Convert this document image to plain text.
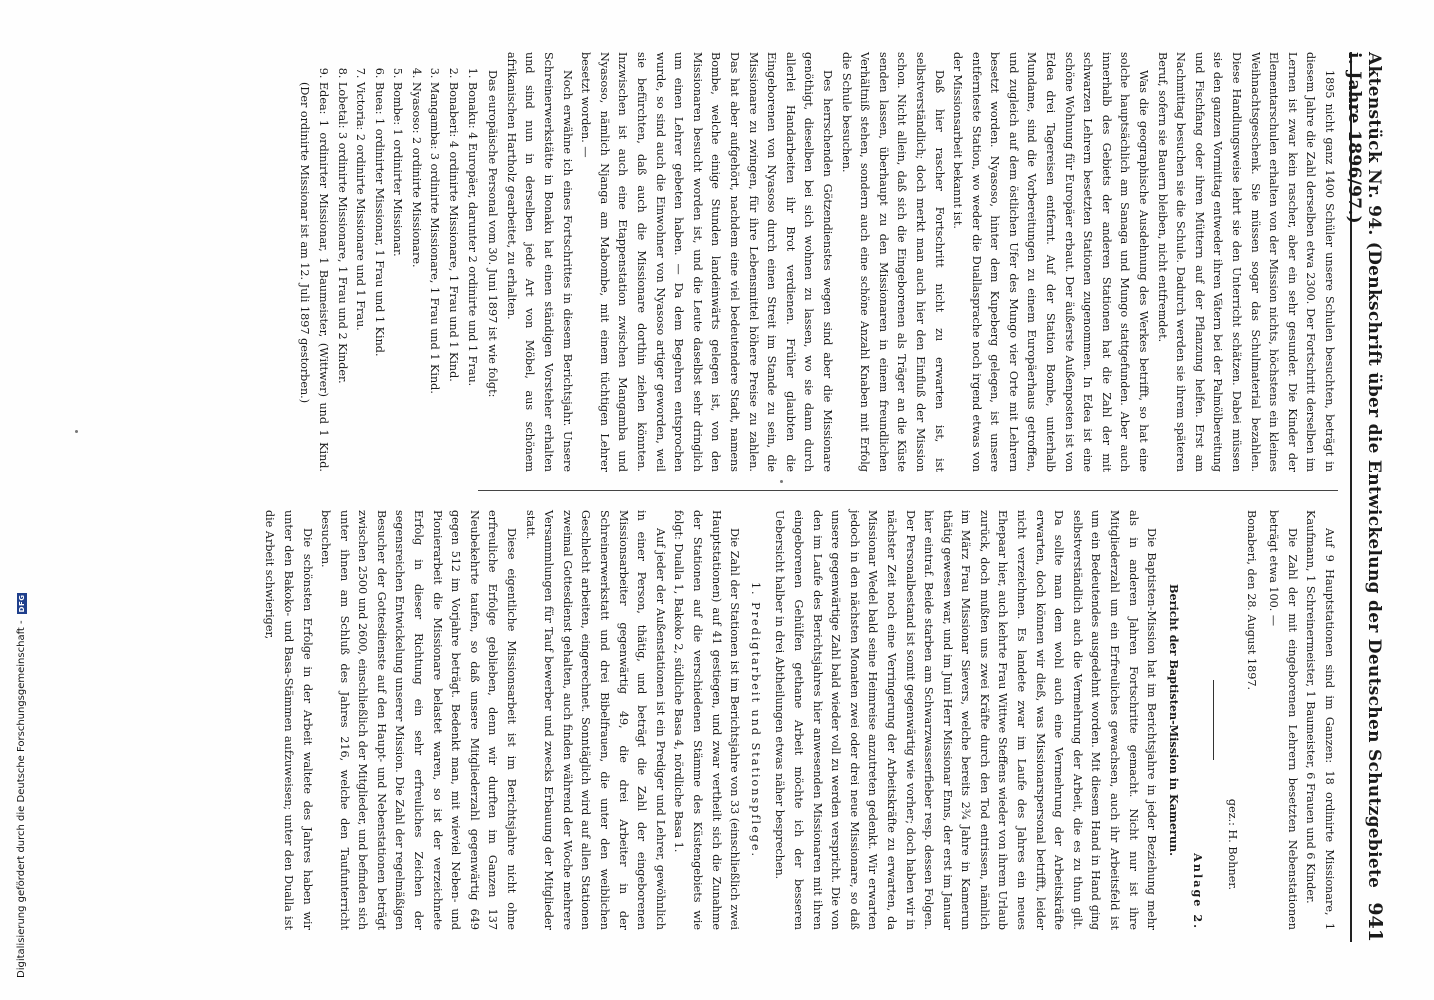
Aktenstück Nr. 94. (Denkschrift über die Entwickelung der Deutschen Schutzgebiete i. Jahre 1896/97.)
941

1895 nicht ganz 1400 Schüler unsere Schulen besuchten, beträgt in diesem Jahre die Zahl derselben etwa 2300. Der Fortschritt derselben im Lernen ist zwar kein rascher, aber ein sehr gesunder. Die Kinder der Elementarschulen erhalten von der Mission nichts, höchstens ein kleines Weihnachtsgeschenk. Sie müssen sogar das Schulmaterial bezahlen. Diese Handlungsweise lehrt sie den Unterricht schätzen. Dabei müssen sie den ganzen Vormittag entweder ihren Vätern bei der Palmölbereitung und Fischfang oder ihren Müttern auf der Pflanzung helfen. Erst am Nachmittag besuchen sie die Schule. Dadurch werden sie ihrem späteren Beruf, sofern sie Bauern bleiben, nicht entfremdet.

Was die geographische Ausdehnung des Werkes betrifft, so hat eine solche hauptsächlich am Sanaga und Mungo stattgefunden. Aber auch innerhalb des Gebiets der anderen Stationen hat die Zahl der mit schwarzen Lehrern besetzten Stationen zugenommen. In Edea ist eine schöne Wohnung für Europäer erbaut. Der äußerste Außenposten ist von Edea drei Tagereisen entfernt. Auf der Station Bombe, unterhalb Mundame, sind die Vorbereitungen zu einem Europäerhaus getroffen, und zugleich auf dem östlichen Ufer des Mungo vier Orte mit Lehrern besetzt worden. Nyasoso, hinter dem Kupeberg gelegen, ist unsere entfernteste Station, wo weder die Duallasprache noch irgend etwas von der Missionsarbeit bekannt ist.

Daß hier rascher Fortschritt nicht zu erwarten ist, ist selbstverständlich; doch merkt man auch hier den Einfluß der Mission schon. Nicht allein, daß sich die Eingeborenen als Träger an die Küste senden lassen, überhaupt zu den Missionaren in einem freundlichen Verhältniß stehen, sondern auch eine schöne Anzahl Knaben mit Erfolg die Schule besuchen.

Des herrschenden Götzendienstes wegen sind aber die Missionare genöthigt, dieselben bei sich wohnen zu lassen, wo sie dann durch allerlei Handarbeiten ihr Brot verdienen. Früher glaubten die Eingeborenen von Nyasoso durch einen Streit im Stande zu sein, die Missionare zu zwingen, für ihre Lebensmittel höhere Preise zu zahlen. Das hat aber aufgehört, nachdem eine viel bedeutendere Stadt, namens Bombe, welche einige Stunden landeinwärts gelegen ist, von den Missionaren besucht worden ist, und die Leute daselbst sehr dringlich um einen Lehrer gebeten haben. — Da dem Begehren entsprochen wurde, so sind auch die Einwohner von Nyasoso artiger geworden, weil sie befürchten, daß auch die Missionare dorthin ziehen könnten. Inzwischen ist auch eine Etappenstation zwischen Mangamba und Nyasoso, nämlich Njanga am Mabombe, mit einem tüchtigen Lehrer besetzt worden. —

Noch erwähne ich eines Fortschrittes in diesem Berichtsjahr. Unsere Schreinerwerkstätte in Bonaku hat einen ständigen Vorsteher erhalten und sind nun in derselben jede Art von Möbel, aus schönem afrikanischen Hartholz gearbeitet, zu erhalten.

Das europäische Personal vom 30. Juni 1897 ist wie folgt:

1. Bonaku: 4 Europäer, darunter 2 ordinirte und 1 Frau.
2. Bonaberi: 4 ordinirte Missionare, 1 Frau und 1 Kind.
3. Mangamba: 3 ordinirte Missionare, 1 Frau und 1 Kind.
4. Nyasoso: 2 ordinirte Missionare.
5. Bombe: 1 ordinirter Missionar.
6. Buea: 1 ordinirter Missionar, 1 Frau und 1 Kind.
7. Victoria: 2 ordinirte Missionare und 1 Frau.
8. Lobetal: 3 ordinirte Missionare, 1 Frau und 2 Kinder.
9. Edea: 1 ordinirter Missionar, 1 Baumeister, (Wittwer) und 1 Kind. (Der ordinirte Missionar ist am 12. Juli 1897 gestorben.)

Auf 9 Hauptstationen sind im Ganzen: 18 ordinirte Missionare, 1 Kaufmann, 1 Schreinermeister, 1 Baumeister, 6 Frauen und 6 Kinder.

Die Zahl der mit eingeborenen Lehrern besetzten Nebenstationen beträgt etwa 100. —

Bonaberi, den 28. August 1897.

gez.: H. Bohner.

Anlage 2.

Bericht der Baptisten-Mission in Kamerun.

Die Baptisten-Mission hat im Berichtsjahre in jeder Beziehung mehr als in anderen Jahren Fortschritte gemacht. Nicht nur ist ihre Mitgliederzahl um ein Erfreuliches gewachsen, auch ihr Arbeitsfeld ist um ein Bedeutendes ausgedehnt worden. Mit diesem Hand in Hand ging selbstverständlich auch die Vermehrung der Arbeit, die es zu thun gilt. Da sollte man dem wohl auch eine Vermehrung der Arbeitskräfte erwarten, doch können wir dieß, was Missionarspersonal betrifft, leider nicht verzeichnen. Es landete zwar im Laufe des Jahres ein neues Ehepaar hier, auch kehrte Frau Wittwe Steffens wieder von ihrem Urlaub zurück, doch mußten uns zwei Kräfte durch den Tod entrissen, nämlich im März Frau Missionar Sievers, welche bereits 2¾ Jahre in Kamerun thätig gewesen war, und im Juni Herr Missionar Enns, der erst im Januar hier eintraf. Beide starben am Schwarzwasserfieber resp. dessen Folgen. Der Personalbestand ist somit gegenwärtig wie vorher; doch haben wir in nächster Zeit noch eine Verringerung der Arbeitskräfte zu erwarten, da Missionar Wedel bald seine Heimreise anzutreten gedenkt. Wir erwarten jedoch in den nächsten Monaten zwei oder drei neue Missionare, so daß unsere gegenwärtige Zahl bald wieder voll zu werden verspricht. Die von den im Laufe des Berichtsjahres hier anwesenden Missionaren mit ihren eingeborenen Gehülfen gethane Arbeit möchte ich der besseren Uebersicht halber in drei Abtheilungen etwas näher besprechen.

1. Predigtarbeit und Stationspflege.

Die Zahl der Stationen ist im Berichtsjahre von 33 (einschließlich zwei Hauptstationen) auf 41 gestiegen, und zwar vertheilt sich die Zunahme der Stationen auf die verschiedenen Stämme des Küstengebiets wie folgt: Dualla 1, Bakoko 2, südliche Basa 4, nördliche Basa 1.

Auf jeder der Außenstationen ist ein Prediger und Lehrer, gewöhnlich in einer Person, thätig, und beträgt die Zahl der eingeborenen Missionsarbeiter gegenwärtig 49, die drei Arbeiter in der Schreinerwerkstatt und drei Bibelfrauen, die unter den weiblichen Geschlecht arbeiten, eingerechnet. Sonntäglich wird auf allen Stationen zweimal Gottesdienst gehalten, auch finden während der Woche mehrere Versammlungen für Tauf bewerber und zwecks Erbauung der Mitglieder statt.

Diese eigentliche Missionsarbeit ist im Berichtsjahre nicht ohne erfreuliche Erfolge geblieben, denn wir durften im Ganzen 137 Neubekehrte taufen, so daß unsere Mitgliederzahl gegenwärtig 649 gegen 512 im Vorjahre beträgt. Bedenkt man, mit wieviel Neben- und Pionierarbeit die Missionare belastet waren, so ist der verzeichnete Erfolg in dieser Richtung ein sehr erfreuliches Zeichen der segensreichen Entwickelung unserer Mission. Die Zahl der regelmäßigen Besucher der Gottesdienste auf den Haupt- und Nebenstationen beträgt zwischen 2500 und 2600, einschließlich der Mitglieder, und befinden sich unter ihnen am Schluß des Jahres 216, welche den Taufunterricht besuchen.

Die schönsten Erfolge in der Arbeit waltete des Jahres haben wir unter den Bakoko- und Basa-Stämmen aufzuweisen; unter den Dualla ist die Arbeit schwieriger,

Digitalisierung gefördert durch die Deutsche Forschungsgemeinschaft -
DFG
